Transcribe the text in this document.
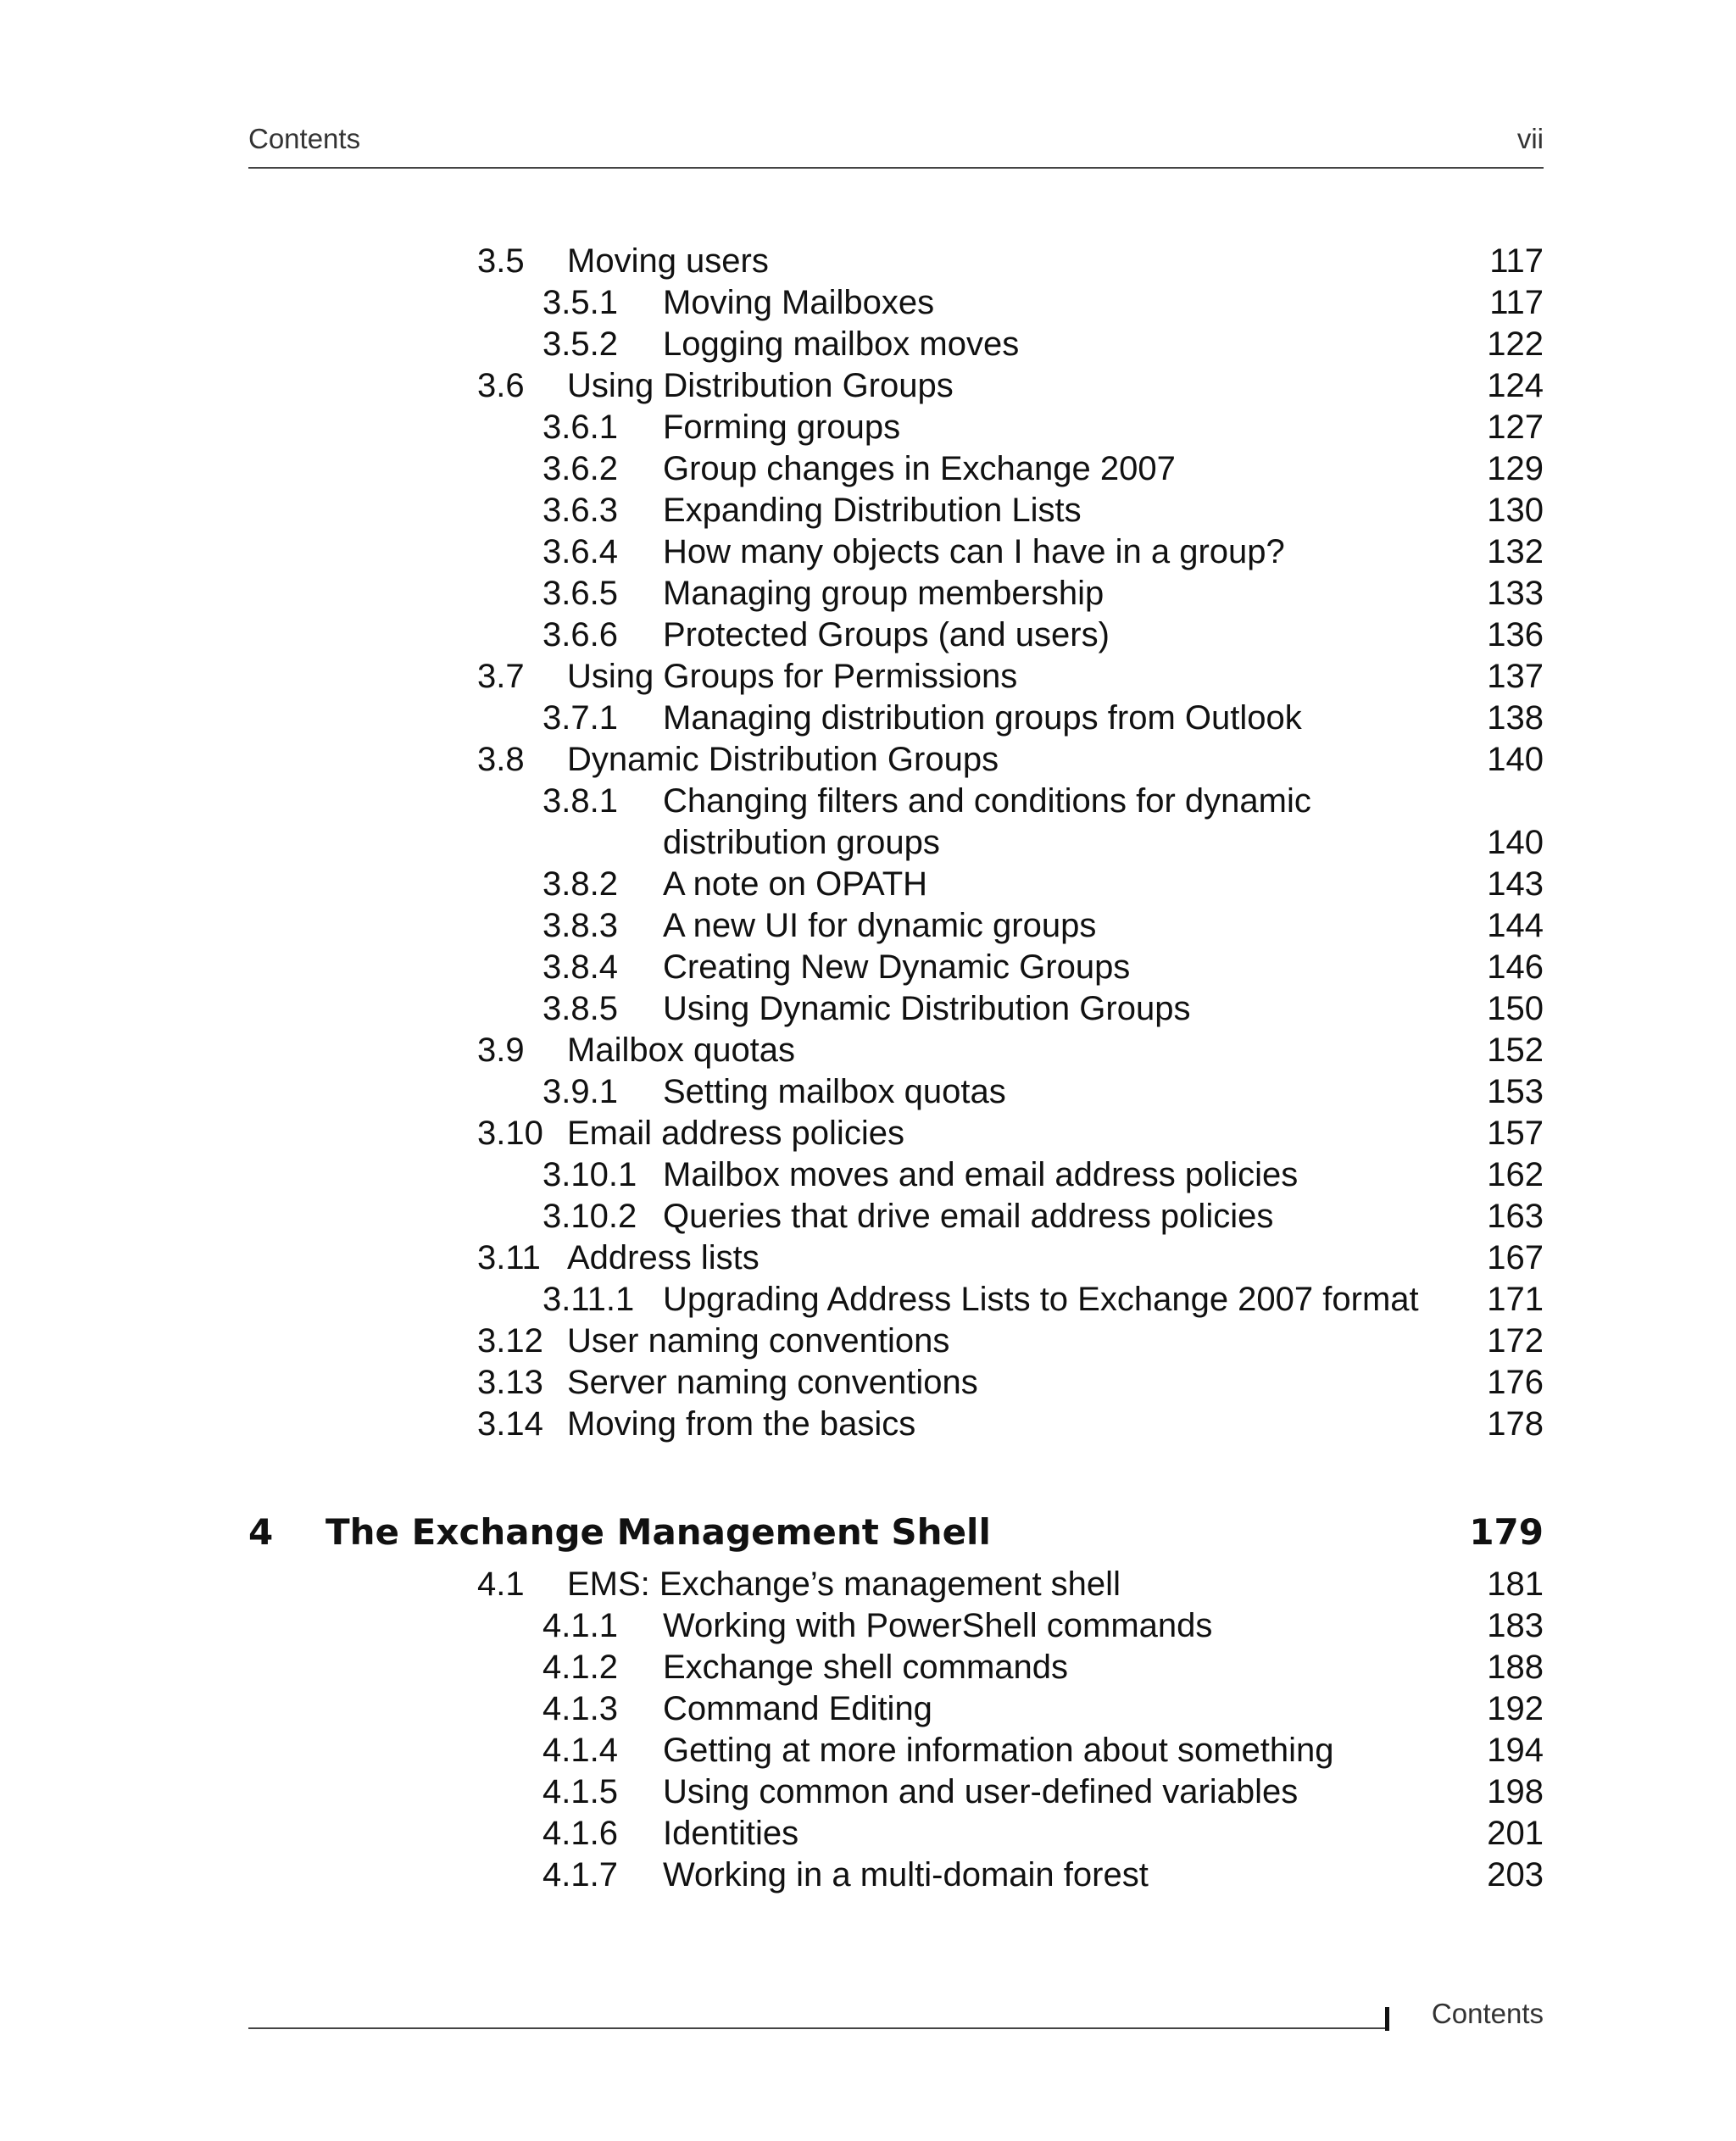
Contents	vii
3.5 Moving users	117
3.5.1 Moving Mailboxes	117
3.5.2 Logging mailbox moves	122
3.6 Using Distribution Groups	124
3.6.1 Forming groups	127
3.6.2 Group changes in Exchange 2007	129
3.6.3 Expanding Distribution Lists	130
3.6.4 How many objects can I have in a group?	132
3.6.5 Managing group membership	133
3.6.6 Protected Groups (and users)	136
3.7 Using Groups for Permissions	137
3.7.1 Managing distribution groups from Outlook	138
3.8 Dynamic Distribution Groups	140
3.8.1 Changing filters and conditions for dynamic
distribution groups	140
3.8.2 A note on OPATH	143
3.8.3 A new UI for dynamic groups	144
3.8.4 Creating New Dynamic Groups	146
3.8.5 Using Dynamic Distribution Groups	150
3.9 Mailbox quotas	152
3.9.1 Setting mailbox quotas	153
3.10 Email address policies	157
3.10.1 Mailbox moves and email address policies	162
3.10.2 Queries that drive email address policies	163
3.11 Address lists	167
3.11.1 Upgrading Address Lists to Exchange 2007 format 171
3.12 User naming conventions	172
3.13 Server naming conventions	176
3.14 Moving from the basics	178
4 The Exchange Management Shell	179
4.1 EMS: Exchange’s management shell	181
4.1.1 Working with PowerShell commands	183
4.1.2 Exchange shell commands	188
4.1.3 Command Editing	192
4.1.4 Getting at more information about something	194
4.1.5 Using common and user-defined variables	198
4.1.6 Identities	201
4.1.7 Working in a multi-domain forest	203
Contents
